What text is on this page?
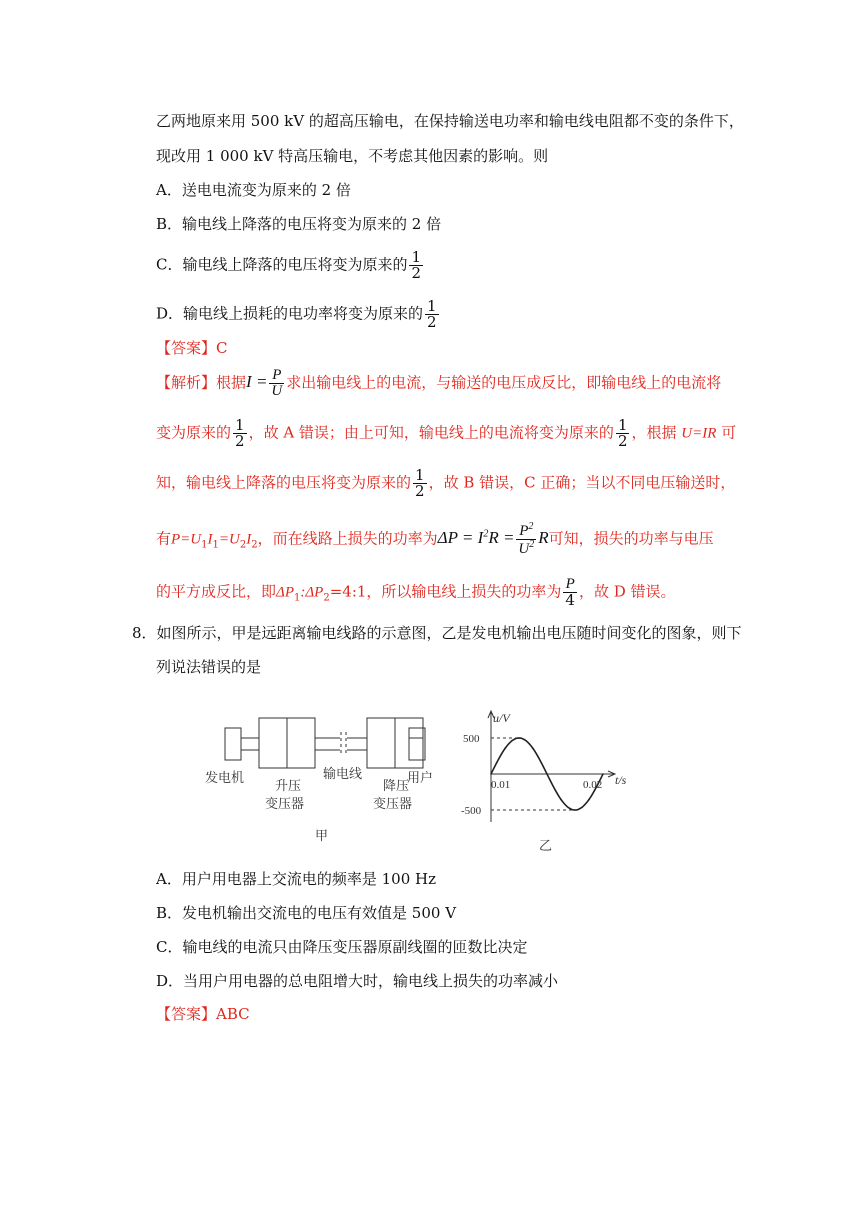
乙两地原来用 500 kV 的超高压输电，在保持输送电功率和输电线电阻都不变的条件下，
现改用 1 000 kV 特高压输电，不考虑其他因素的影响。则
A．送电电流变为原来的 2 倍
B．输电线上降落的电压将变为原来的 2 倍
C．输电线上降落的电压将变为原来的 $\frac{1}{2}$
D．输电线上损耗的电功率将变为原来的 $\frac{1}{2}$
【答案】C
【解析】根据$I = \frac{P}{U}$ 求出输电线上的电流，与输送的电压成反比，即输电线上的电流将
变为原来的 $\frac{1}{2}$ ，故 A 错误；由上可知，输电线上的电流将变为原来的 $\frac{1}{2}$ ，根据 U=IR 可
知，输电线上降落的电压将变为原来的 $\frac{1}{2}$ ，故 B 错误，C 正确；当以不同电压输送时，
有$P=U_1I_1=U_2I_2$，而在线路上损失的功率为$\Delta P = I^2R = \frac{P^2}{U^2}$ R可知，损失的功率与电压
的平方成反比，即$\Delta P_1:\Delta P_2=4:1$，所以输电线上损失的功率为 $\frac{P}{4}$ ，故 D 错误。
8．如图所示，甲是远距离输电线路的示意图，乙是发电机输出电压随时间变化的图象，则下
列说法错误的是
发电机
升压
变压器
输电线
降压
变压器
用户
甲
u/V
t/s
500
-500
0.01	0.02
乙
A．用户用电器上交流电的频率是 100 Hz
B．发电机输出交流电的电压有效值是 500 V
C．输电线的电流只由降压变压器原副线圈的匝数比决定
D．当用户用电器的总电阻增大时，输电线上损失的功率减小
【答案】ABC
